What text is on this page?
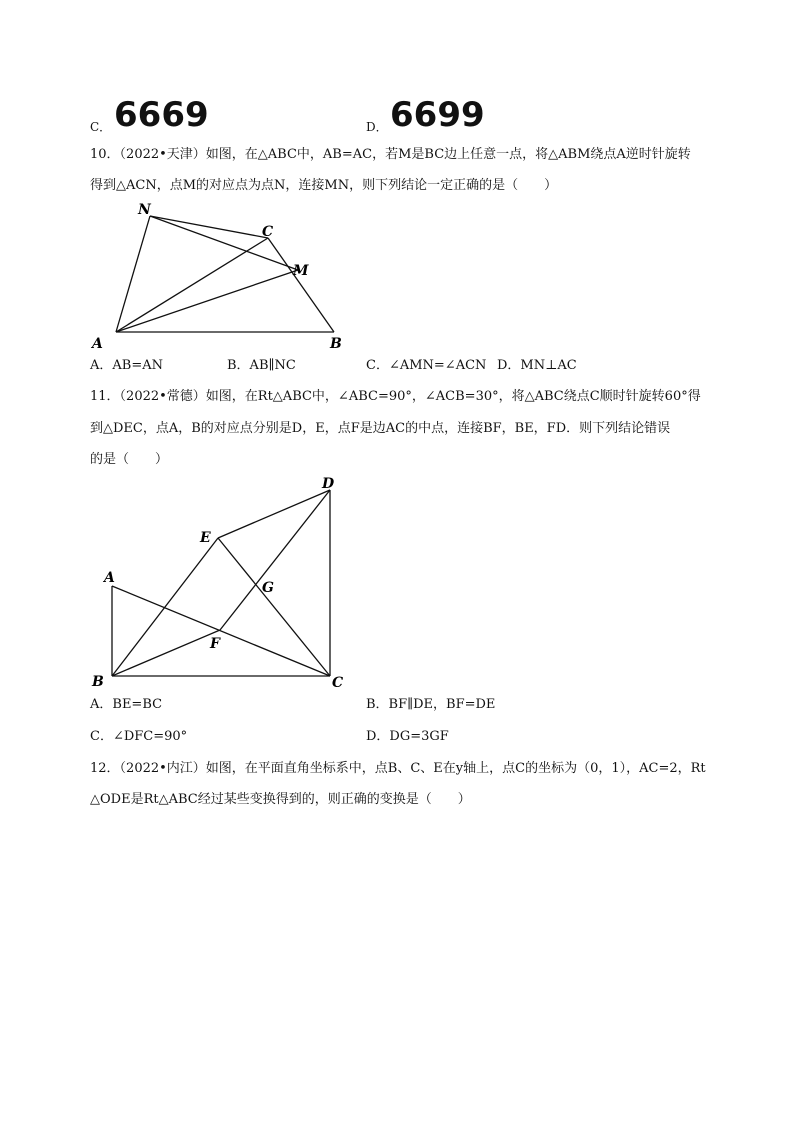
C． 6669	D． 6699
10．（2022•天津）如图，在△ABC中，AB=AC，若M是BC边上任意一点，将△ABM绕点A逆时针旋转
得到△ACN，点M的对应点为点N，连接MN，则下列结论一定正确的是（　　）
N
C
M
A	B
A．AB=AN	B．AB∥NC	C．∠AMN=∠ACN D．MN⊥AC
11．（2022•常德）如图，在Rt△ABC中，∠ABC=90°，∠ACB=30°，将△ABC绕点C顺时针旋转60°得
到△DEC，点A，B的对应点分别是D，E，点F是边AC的中点，连接BF，BE，FD．则下列结论错误
的是（　　）
D
E
A
G
F
B	C
A．BE=BC	B．BF∥DE，BF=DE
C．∠DFC=90°	D．DG=3GF
12．（2022•内江）如图，在平面直角坐标系中，点B、C、E在y轴上，点C的坐标为（0，1），AC=2，Rt
△ODE是Rt△ABC经过某些变换得到的，则正确的变换是（　　）
